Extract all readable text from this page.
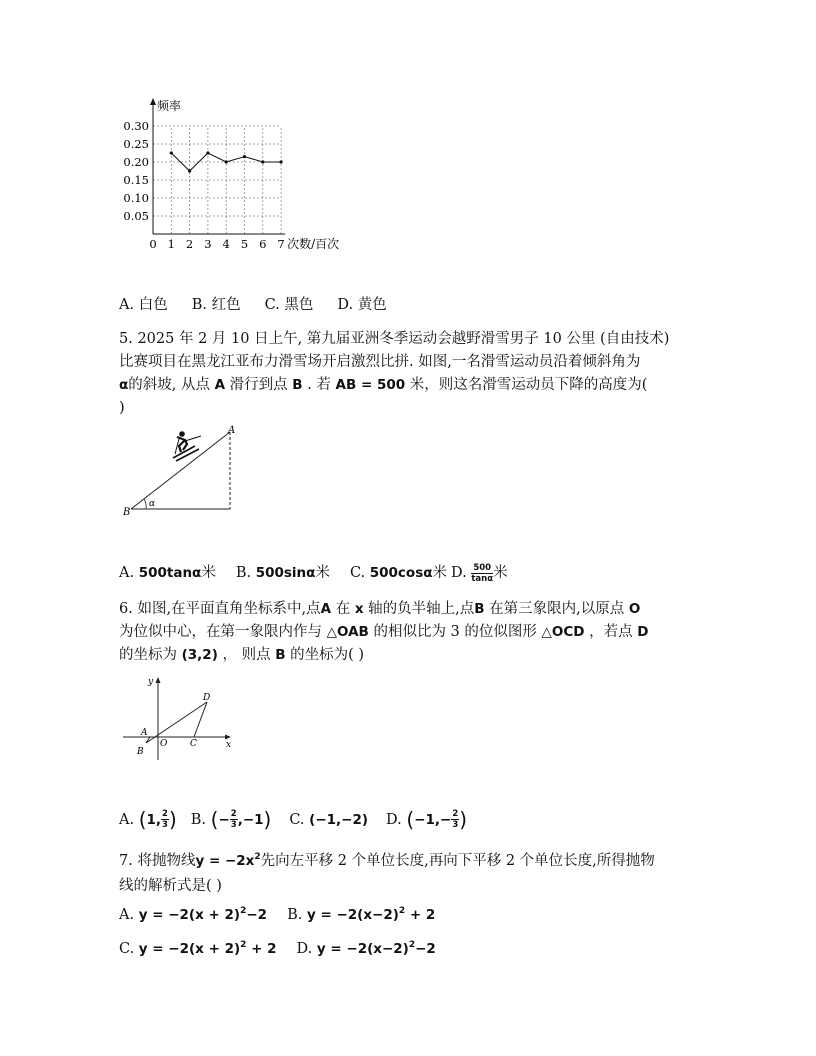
0.05
0.10
0.15
0.20
0.25
0.30
0 1 2 3 4 5 6 7
频率
次数/百次
A. 白色 B. 红色 C. 黑色 D. 黄色
5. 2025 年 2 月 10 日上午, 第九届亚洲冬季运动会越野滑雪男子 10 公里 (自由技术)
比赛项目在黑龙江亚布力滑雪场开启激烈比拼. 如图,一名滑雪运动员沿着倾斜角为
α的斜坡, 从点 A 滑行到点 B . 若 AB = 500 米，则这名滑雪运动员下降的高度为(
)
α
B
A
A. 500tanα米 B. 500sinα米 C. 500cosα米 D. $\frac{500}{\tan\alpha}$ 米
6. 如图,在平面直角坐标系中,点A 在 x 轴的负半轴上,点B 在第三象限内,以原点 O
为位似中心，在第一象限内作与 △OAB 的相似比为 3 的位似图形 △OCD ，若点 D
的坐标为 (3,2) ， 则点 B 的坐标为( )
y
x
D
A
O	C
B
A. (1, $\frac{2}{3}$ ) B. (− $\frac{2}{3} ,-1$) C. (−1,−2) D. ($-1,- \frac{2}{3}$ )
7. 将抛物线$y = -2x^2$先向左平移 2 个单位长度,再向下平移 2 个单位长度,所得抛物
线的解析式是( )
A. $y = -2(x + 2)^2-2$ B. $y = -2(x-2)^2 + 2$
C. $y = -2(x + 2)^2 + 2$ D. $y = -2(x-2)^2-2$
